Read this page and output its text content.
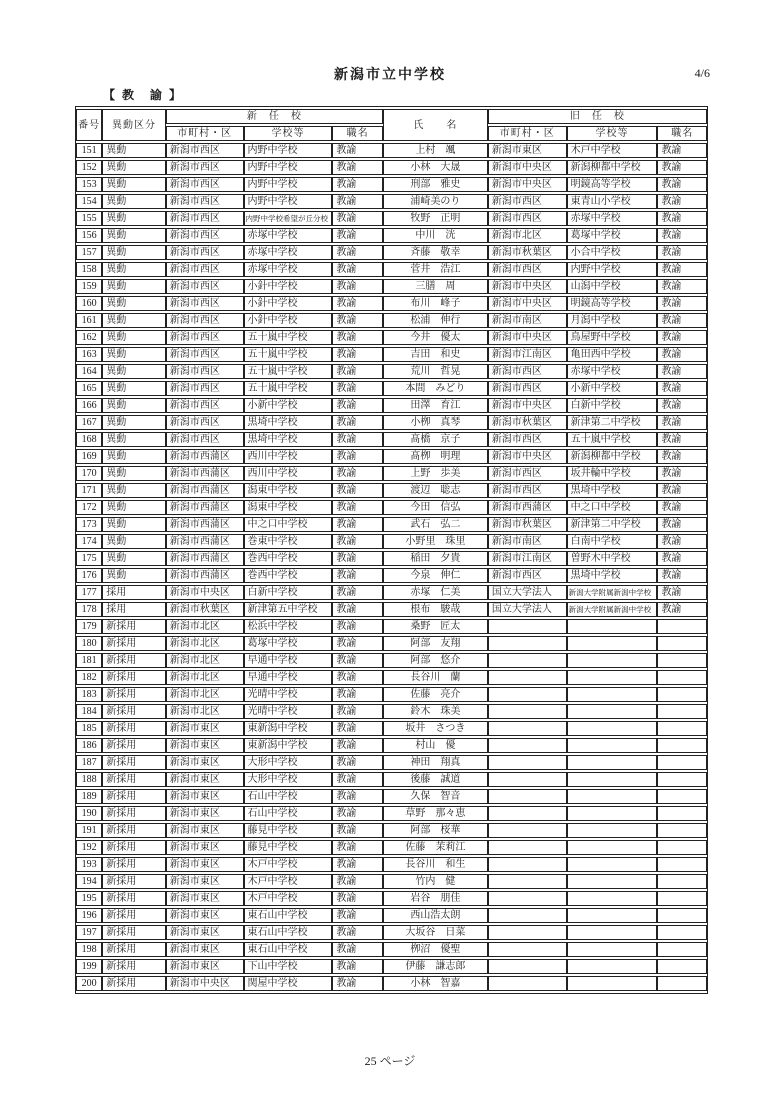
新潟市立中学校	4/6
【 教　諭 】
番号	異動区分	新　任　校			氏　　名	旧　任　校		
		市町村・区	学校等	職名		市町村・区	学校等	職名
151	異動	新潟市西区	内野中学校	教諭	上村　颯	新潟市東区	木戸中学校	教諭
152	異動	新潟市西区	内野中学校	教諭	小林　大晟	新潟市中央区	新潟柳都中学校	教諭
153	異動	新潟市西区	内野中学校	教諭	刑部　雅史	新潟市中央区	明鏡高等学校	教諭
154	異動	新潟市西区	内野中学校	教諭	浦崎美のり	新潟市西区	東青山小学校	教諭
155	異動	新潟市西区	内野中学校希望が丘分校	教諭	牧野　正明	新潟市西区	赤塚中学校	教諭
156	異動	新潟市西区	赤塚中学校	教諭	中川　洸	新潟市北区	葛塚中学校	教諭
157	異動	新潟市西区	赤塚中学校	教諭	斉藤　敬幸	新潟市秋葉区	小合中学校	教諭
158	異動	新潟市西区	赤塚中学校	教諭	菅井　浩江	新潟市西区	内野中学校	教諭
159	異動	新潟市西区	小針中学校	教諭	三膳　周	新潟市中央区	山潟中学校	教諭
160	異動	新潟市西区	小針中学校	教諭	布川　峰子	新潟市中央区	明鏡高等学校	教諭
161	異動	新潟市西区	小針中学校	教諭	松浦　伸行	新潟市南区	月潟中学校	教諭
162	異動	新潟市西区	五十嵐中学校	教諭	今井　優太	新潟市中央区	鳥屋野中学校	教諭
163	異動	新潟市西区	五十嵐中学校	教諭	吉田　和史	新潟市江南区	亀田西中学校	教諭
164	異動	新潟市西区	五十嵐中学校	教諭	荒川　哲晃	新潟市西区	赤塚中学校	教諭
165	異動	新潟市西区	五十嵐中学校	教諭	本間　みどり	新潟市西区	小新中学校	教諭
166	異動	新潟市西区	小新中学校	教諭	田澤　育江	新潟市中央区	白新中学校	教諭
167	異動	新潟市西区	黒埼中学校	教諭	小栁　真琴	新潟市秋葉区	新津第二中学校	教諭
168	異動	新潟市西区	黒埼中学校	教諭	髙橋　京子	新潟市西区	五十嵐中学校	教諭
169	異動	新潟市西蒲区	西川中学校	教諭	髙栁　明理	新潟市中央区	新潟柳都中学校	教諭
170	異動	新潟市西蒲区	西川中学校	教諭	上野　歩美	新潟市西区	坂井輪中学校	教諭
171	異動	新潟市西蒲区	潟東中学校	教諭	渡辺　聡志	新潟市西区	黒埼中学校	教諭
172	異動	新潟市西蒲区	潟東中学校	教諭	今田　信弘	新潟市西蒲区	中之口中学校	教諭
173	異動	新潟市西蒲区	中之口中学校	教諭	武石　弘二	新潟市秋葉区	新津第二中学校	教諭
174	異動	新潟市西蒲区	巻東中学校	教諭	小野里　珠里	新潟市南区	白南中学校	教諭
175	異動	新潟市西蒲区	巻西中学校	教諭	稲田　夕貴	新潟市江南区	曽野木中学校	教諭
176	異動	新潟市西蒲区	巻西中学校	教諭	今泉　伸仁	新潟市西区	黒埼中学校	教諭
177	採用	新潟市中央区	白新中学校	教諭	赤塚　仁美	国立大学法人	新潟大学附属新潟中学校	教諭
178	採用	新潟市秋葉区	新津第五中学校	教諭	根布　駿哉	国立大学法人	新潟大学附属新潟中学校	教諭
179	新採用	新潟市北区	松浜中学校	教諭	桑野　匠太			
180	新採用	新潟市北区	葛塚中学校	教諭	阿部　友翔			
181	新採用	新潟市北区	早通中学校	教諭	阿部　悠介			
182	新採用	新潟市北区	早通中学校	教諭	長谷川　蘭			
183	新採用	新潟市北区	光晴中学校	教諭	佐藤　亮介			
184	新採用	新潟市北区	光晴中学校	教諭	鈴木　珠美			
185	新採用	新潟市東区	東新潟中学校	教諭	坂井　さつき			
186	新採用	新潟市東区	東新潟中学校	教諭	村山　優			
187	新採用	新潟市東区	大形中学校	教諭	神田　翔真			
188	新採用	新潟市東区	大形中学校	教諭	後藤　誠道			
189	新採用	新潟市東区	石山中学校	教諭	久保　智音			
190	新採用	新潟市東区	石山中学校	教諭	草野　那々恵			
191	新採用	新潟市東区	藤見中学校	教諭	阿部　桜華			
192	新採用	新潟市東区	藤見中学校	教諭	佐藤　茉莉江			
193	新採用	新潟市東区	木戸中学校	教諭	長谷川　和生			
194	新採用	新潟市東区	木戸中学校	教諭	竹内　健			
195	新採用	新潟市東区	木戸中学校	教諭	岩谷　朋佳			
196	新採用	新潟市東区	東石山中学校	教諭	西山浩太朗			
197	新採用	新潟市東区	東石山中学校	教諭	大坂谷　日菜			
198	新採用	新潟市東区	東石山中学校	教諭	栁沼　優聖			
199	新採用	新潟市東区	下山中学校	教諭	伊藤　謙志郎			
200	新採用	新潟市中央区	関屋中学校	教諭	小林　智嘉			
25 ページ
